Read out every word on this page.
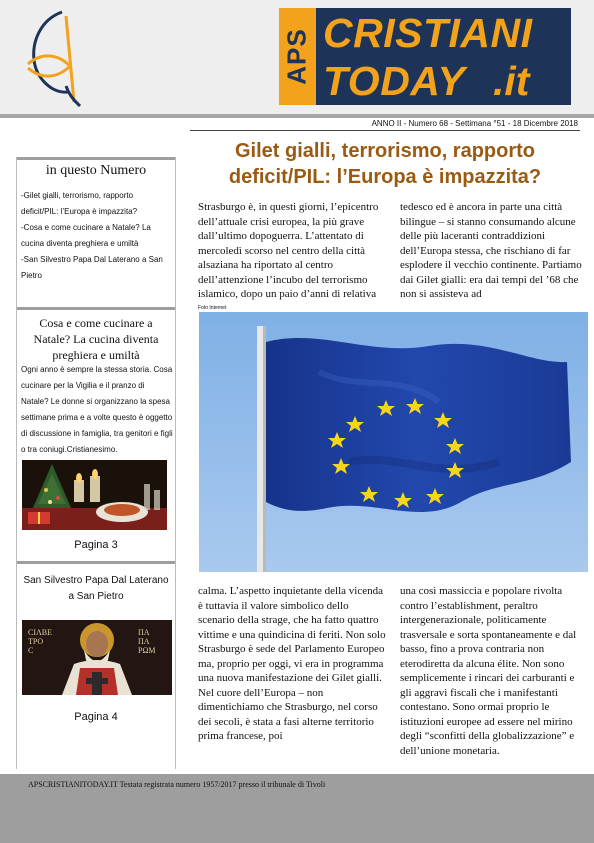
APS CRISTIANI
TODAY .it
ANNO II - Numero 68 - Settimana °51 - 18 Dicembre 2018
in questo Numero
-Gilet gialli, terrorismo, rapporto deficit/PIL: l’Europa è impazzita?
-Cosa e come cucinare a Natale? La cucina diventa preghiera e umiltà
-San Silvestro Papa Dal Laterano a San Pietro
Cosa e come cucinare a Natale? La cucina diventa preghiera e umiltà
Ogni anno è sempre la stessa storia. Cosa cucinare per la Vigilia e il pranzo di Natale? Le donne si organizzano la spesa settimane prima e a volte questo è oggetto di discussione in famiglia, tra genitori e figli o tra coniugi.Cristianesimo.
Pagina 3
San Silvestro Papa Dal Laterano a San Pietro
CΙΛBE
ΤΡΟ
C
ΠΑ
ΠΑ
ΡΩΜ
Pagina 4
Gilet gialli, terrorismo, rapporto deficit/PIL: l’Europa è impazzita?
Strasburgo è, in questi giorni, l’epicentro dell’attuale crisi europea, la più grave dall’ultimo dopoguerra. L’attentato di mercoledì scorso nel centro della città alsaziana ha riportato al centro dell’attenzione l’incubo del terrorismo islamico, dopo un paio d’anni di relativa
tedesco ed è ancora in parte una città bilingue – si stanno consumando alcune delle più laceranti contraddizioni dell’Europa stessa, che rischiano di far esplodere il vecchio continente. Partiamo dai Gilet gialli: era dai tempi del ’68 che non si assisteva ad
Foto Internet
calma. L’aspetto inquietante della vicenda è tuttavia il valore simbolico dello scenario della strage, che ha fatto quattro vittime e una quindicina di feriti. Non solo Strasburgo è sede del Parlamento Europeo ma, proprio per oggi, vi era in programma una nuova manifestazione dei Gilet gialli. Nel cuore dell’Europa – non dimentichiamo che Strasburgo, nel corso dei secoli, è stata a fasi alterne territorio prima francese, poi
una così massiccia e popolare rivolta contro l’establishment, peraltro intergenerazionale, politicamente trasversale e sorta spontaneamente e dal basso, fino a prova contraria non eterodiretta da alcuna élite. Non sono semplicemente i rincari dei carburanti e gli aggravi fiscali che i manifestanti contestano. Sono ormai proprio le istituzioni europee ad essere nel mirino degli “sconfitti della globalizzazione” e dell’unione monetaria.
APSCRISTIANITODAY.IT Testata registrata numero 1957/2017 presso il tribunale di Tivoli
